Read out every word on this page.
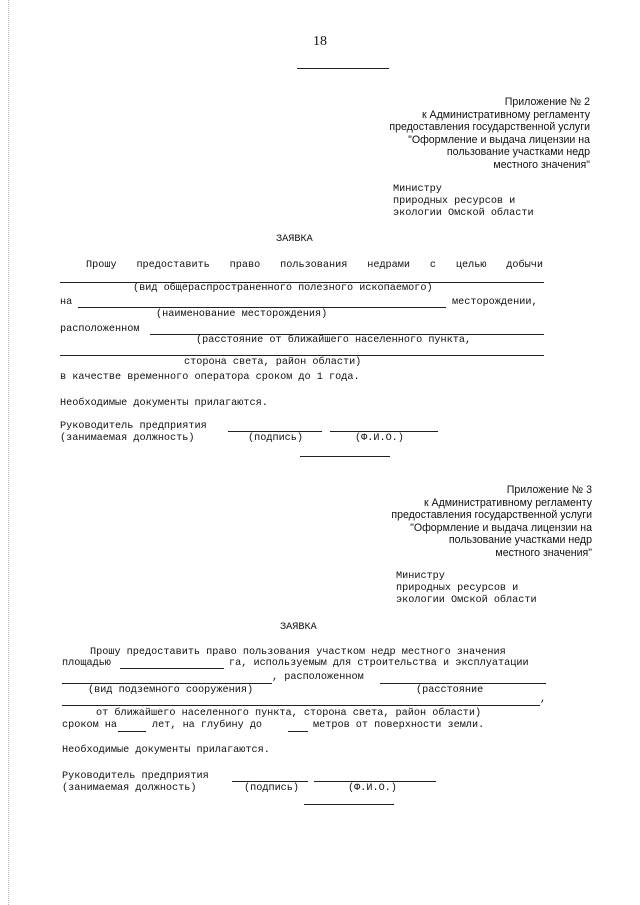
18
Приложение № 2
к Административному регламенту
предоставления государственной услуги
"Оформление и выдача лицензии на
пользование участками недр
местного значения"
Министру
природных ресурсов и
экологии Омской области
ЗАЯВКА
Прошу предоставить право пользования недрами с целью добычи
(вид общераспространенного полезного ископаемого)
на	месторождении,
(наименование месторождения)
расположенном
(расстояние от ближайшего населенного пункта,
сторона света, район области)
в качестве временного оператора сроком до 1 года.
Необходимые документы прилагаются.
Руководитель предприятия
(занимаемая должность)	(подпись)	(Ф.И.О.)
Приложение № 3
к Административному регламенту
предоставления государственной услуги
"Оформление и выдача лицензии на
пользование участками недр
местного значения"
Министру
природных ресурсов и
экологии Омской области
ЗАЯВКА
Прошу предоставить право пользования участком недр местного значения
площадью	га, используемым для строительства и эксплуатации
, расположенном
(вид подземного сооружения)	(расстояние
,
от ближайшего населенного пункта, сторона света, район области)
сроком на	лет, на глубину до	метров от поверхности земли.
Необходимые документы прилагаются.
Руководитель предприятия
(занимаемая должность)	(подпись)	(Ф.И.О.)
